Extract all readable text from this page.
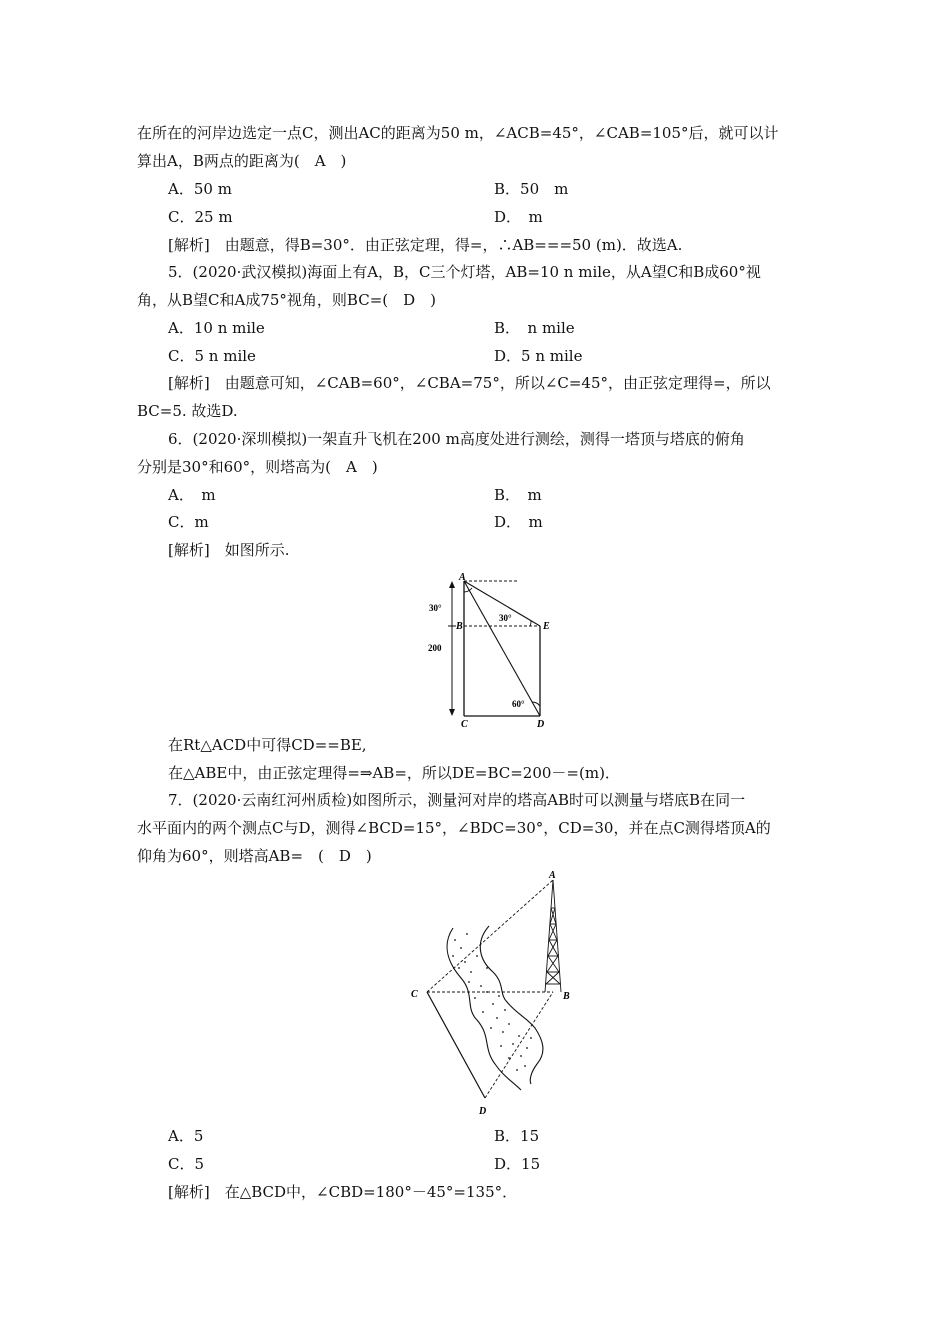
在所在的河岸边选定一点C，测出AC的距离为50 m，∠ACB=45°，∠CAB=105°后，就可以计
算出A，B两点的距离为(　A　)
A．50 m	B．50　m
C．25 m	D．　m
[解析]　由题意，得B=30°．由正弦定理，得=，∴AB===50 (m)．故选A.
5．(2020·武汉模拟)海面上有A，B，C三个灯塔，AB=10 n mile，从A望C和B成60°视
角，从B望C和A成75°视角，则BC=(　D　)
A．10 n mile	B．　n mile
C．5 n mile	D．5 n mile
[解析]　由题意可知，∠CAB=60°，∠CBA=75°，所以∠C=45°，由正弦定理得=，所以
BC=5. 故选D.
6．(2020·深圳模拟)一架直升飞机在200 m高度处进行测绘，测得一塔顶与塔底的俯角
分别是30°和60°，则塔高为(　A　)
A．　m	B．　m
C．m	D．　m
[解析]　如图所示.
A
B
C	D
E
30°
30°
60°
200
在Rt△ACD中可得CD==BE,
在△ABE中，由正弦定理得=⇒AB=，所以DE=BC=200－=(m)．
7．(2020·云南红河州质检)如图所示，测量河对岸的塔高AB时可以测量与塔底B在同一
水平面内的两个测点C与D，测得∠BCD=15°，∠BDC=30°，CD=30，并在点C测得塔顶A的
仰角为60°，则塔高AB=　(　D　)
A
B
C
D
A．5	B．15
C．5	D．15
[解析]　在△BCD中，∠CBD=180°－45°=135°．
